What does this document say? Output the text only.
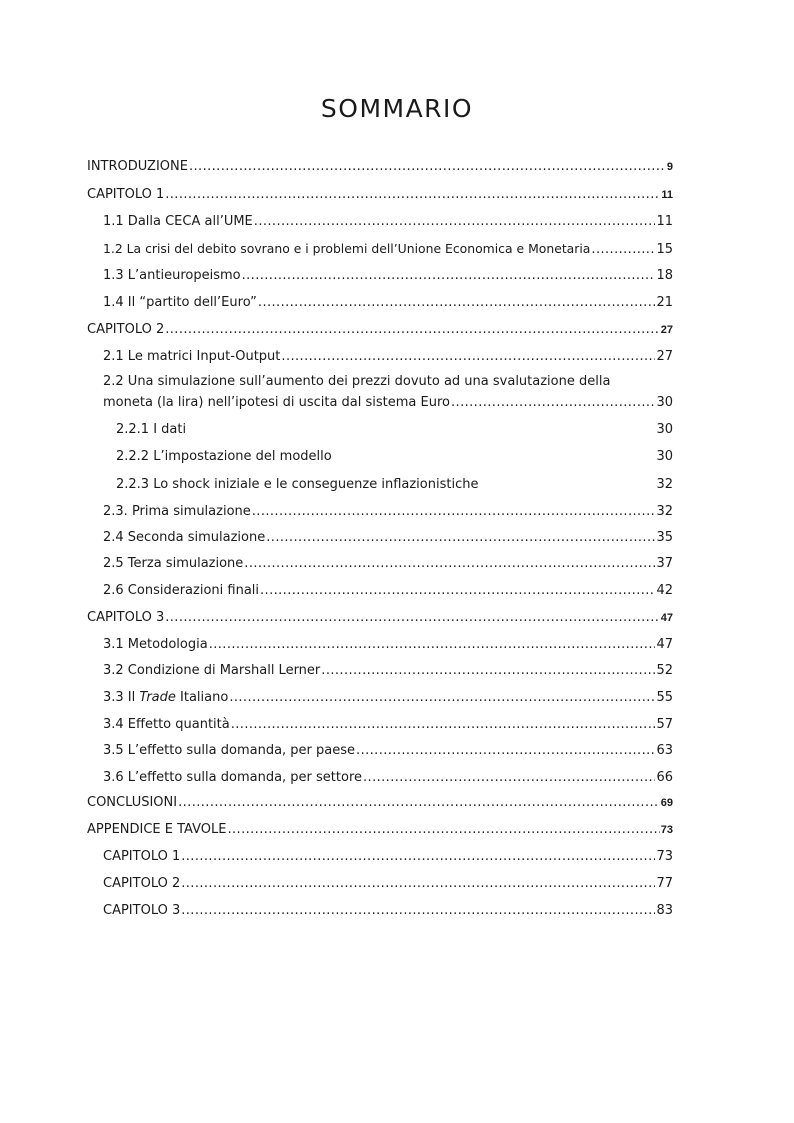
SOMMARIO
INTRODUZIONE .....	9
CAPITOLO 1 .....	11
1.1 Dalla CECA all’UME .....	11
1.2 La crisi del debito sovrano e i problemi dell’Unione Economica e Monetaria .....	15
1.3 L’antieuropeismo .....	18
1.4 Il “partito dell’Euro” .....	21
CAPITOLO 2 .....	27
2.1 Le matrici Input-Output .....	27
2.2 Una simulazione sull’aumento dei prezzi dovuto ad una svalutazione della
moneta (la lira) nell’ipotesi di uscita dal sistema Euro .....	30
2.2.1 I dati	30
2.2.2 L’impostazione del modello	30
2.2.3 Lo shock iniziale e le conseguenze inflazionistiche	32
2.3. Prima simulazione .....	32
2.4 Seconda simulazione .....	35
2.5 Terza simulazione .....	37
2.6 Considerazioni finali .....	42
CAPITOLO 3 .....	47
3.1 Metodologia .....	47
3.2 Condizione di Marshall Lerner .....	52
3.3 Il Trade Italiano .....	55
3.4 Effetto quantità .....	57
3.5 L’effetto sulla domanda, per paese .....	63
3.6 L’effetto sulla domanda, per settore .....	66
CONCLUSIONI .....	69
APPENDICE E TAVOLE .....	73
CAPITOLO 1 .....	73
CAPITOLO 2 .....	77
CAPITOLO 3 .....	83
